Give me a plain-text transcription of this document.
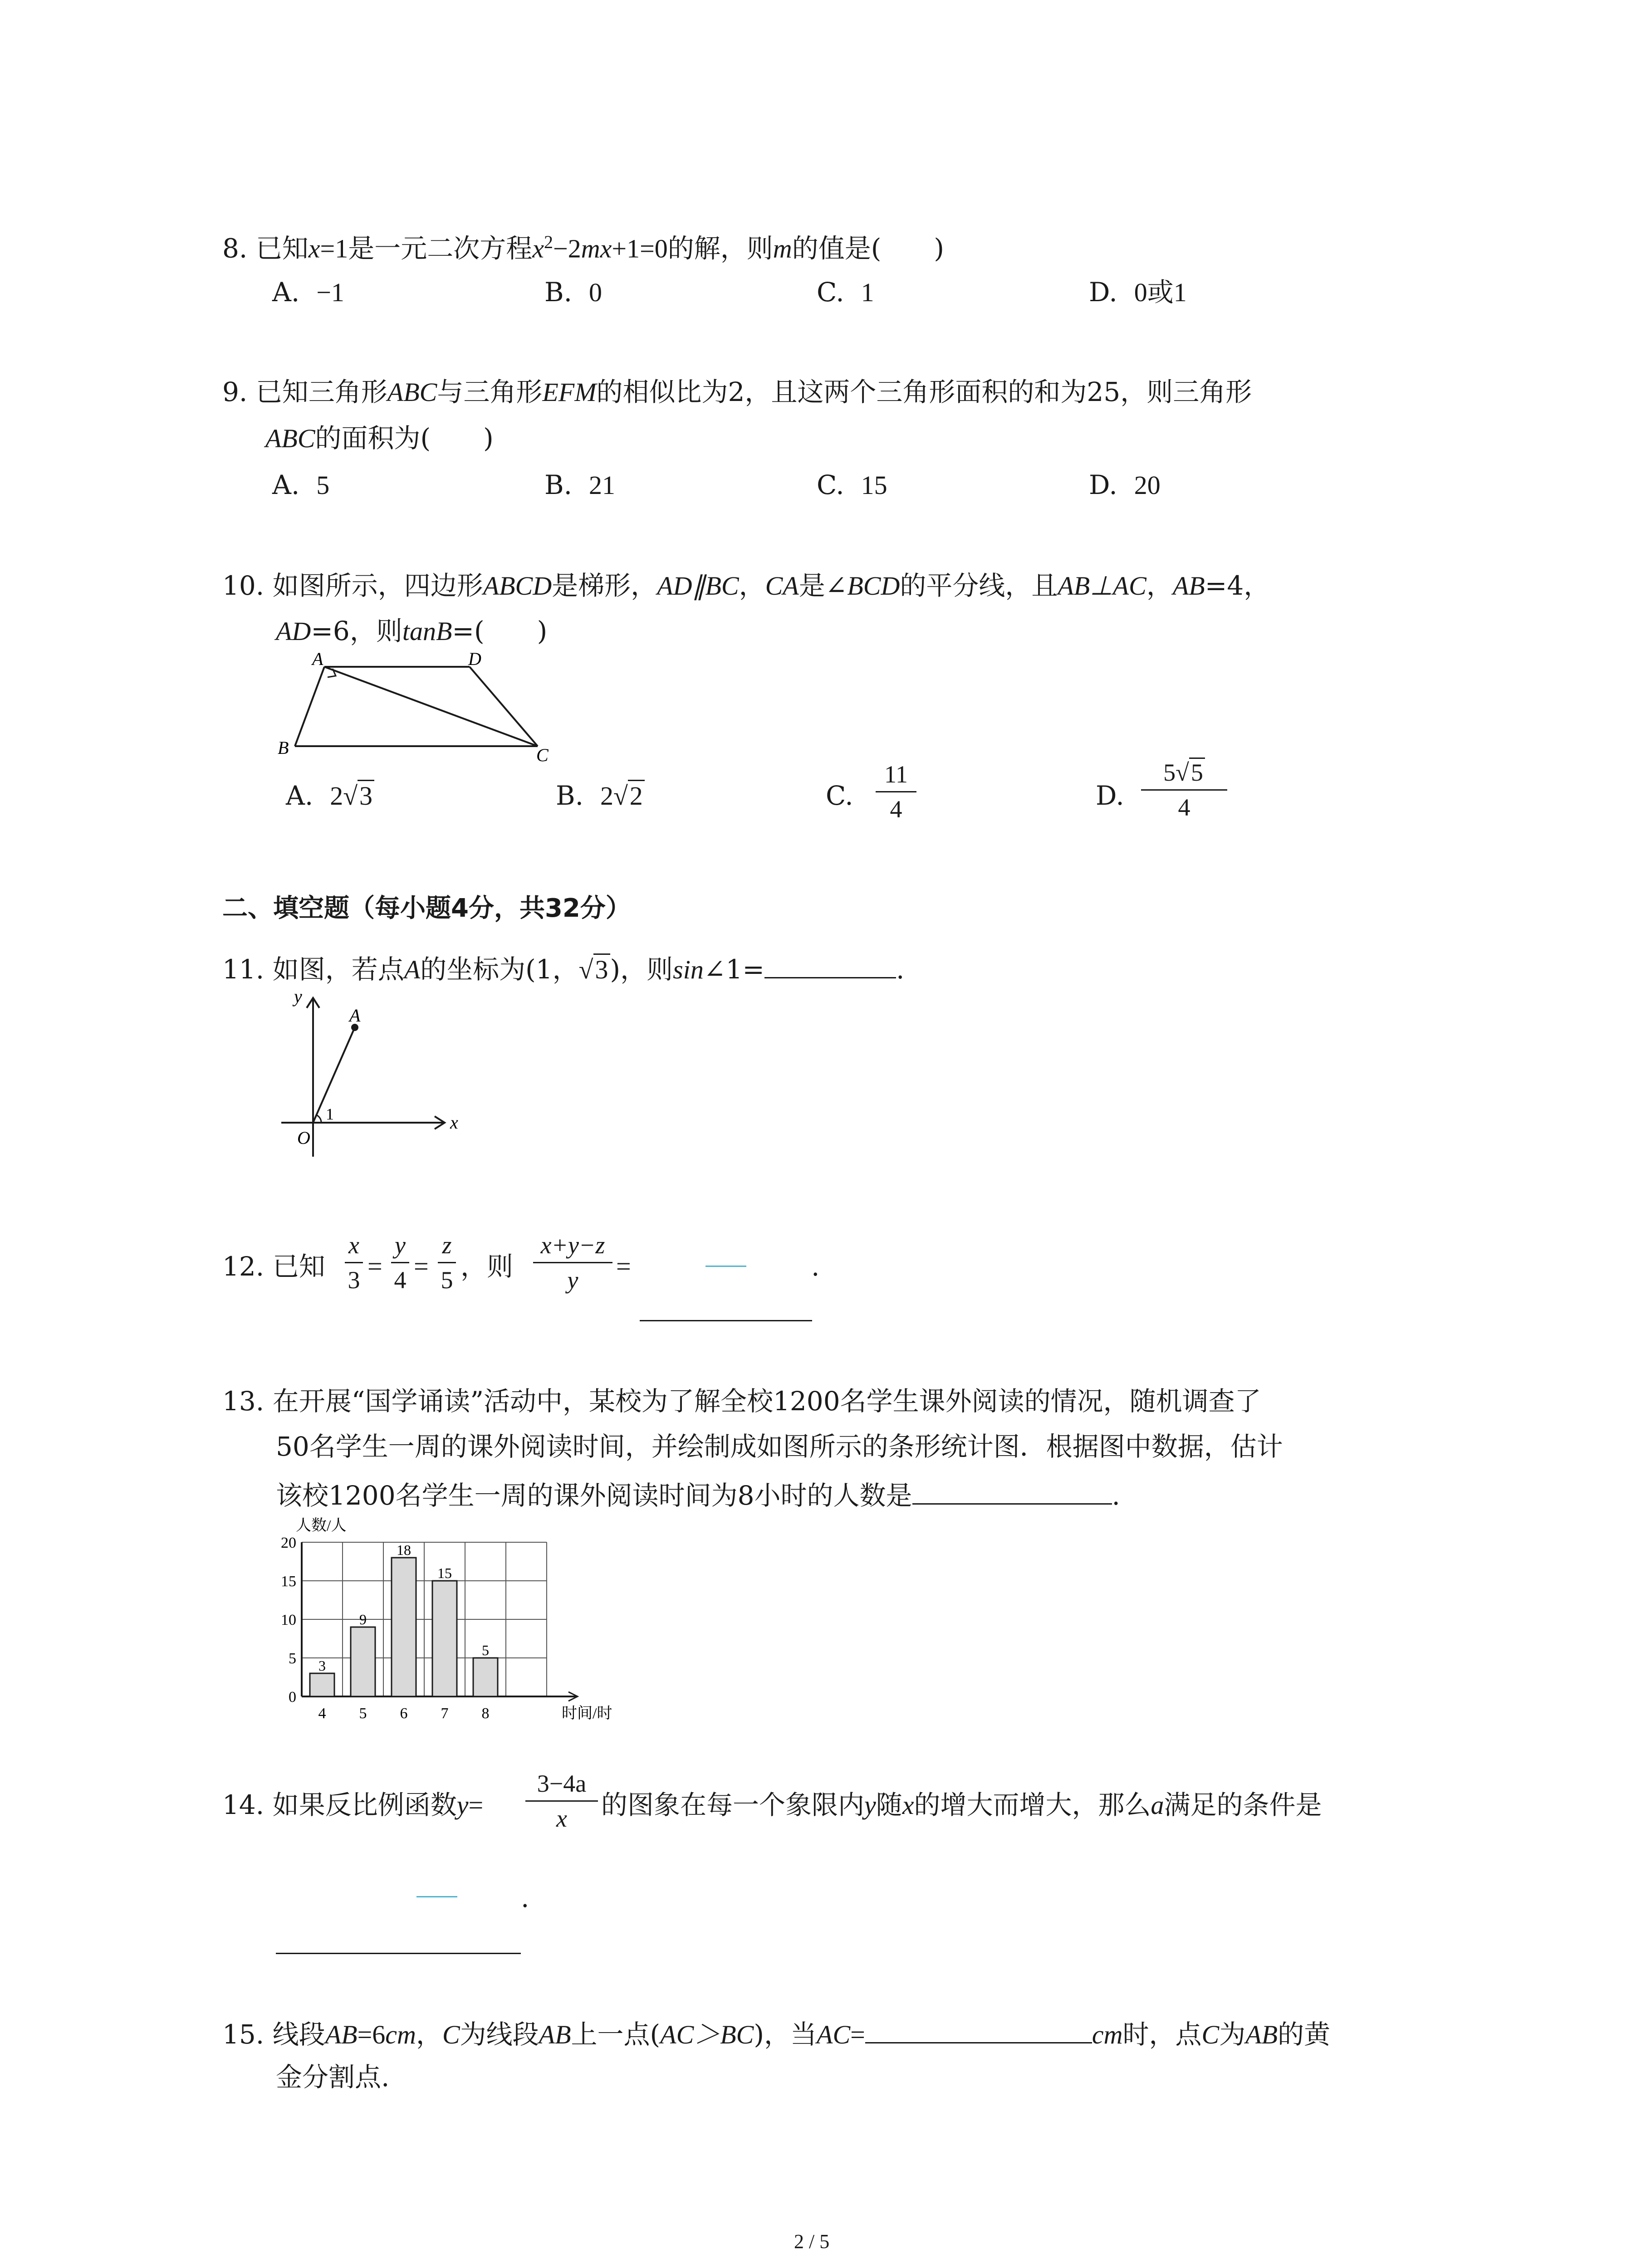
8. 已知x=1是一元二次方程$x^2-2mx+1=0$的解，则m的值是(　　)
A. −1	B. 0	C. 1	D. 0或1
9. 已知三角形ABC与三角形EFM的相似比为2，且这两个三角形面积的和为25，则三角形
ABC的面积为(　　)
A. 5	B. 21	C. 15	D. 20
10. 如图所示，四边形ABCD是梯形，AD∥BC，CA是∠BCD的平分线，且AB⊥AC，AB=4，
AD=6，则tanB=(　　)
A	D
B	C
A. 2√3	B. 2√2	C.
11
4	D.
5√5
4
二、填空题（每小题4分，共32分）
11. 如图，若点A的坐标为(1，√3)，则sin∠1=	.
y
x
O
A
1
12. 已知
x
3 =
y
4 =
z
5 ，则
x+y−z
y	=	.
13. 在开展“国学诵读”活动中，某校为了解全校1200名学生课外阅读的情况，随机调查了
50名学生一周的课外阅读时间，并绘制成如图所示的条形统计图．根据图中数据，估计
该校1200名学生一周的课外阅读时间为8小时的人数是	.
3
9
18
15
5
0
5
10
15
20
4 5 6 7 8
人数/人
时间/时
14. 如果反比例函数y=
3−4a
x	的图象在每一个象限内y随x的增大而增大，那么a满足的条件是
.
15. 线段AB=6cm，C为线段AB上一点(AC＞BC)，当AC=	cm时，点C为AB的黄
金分割点.
2 / 5
